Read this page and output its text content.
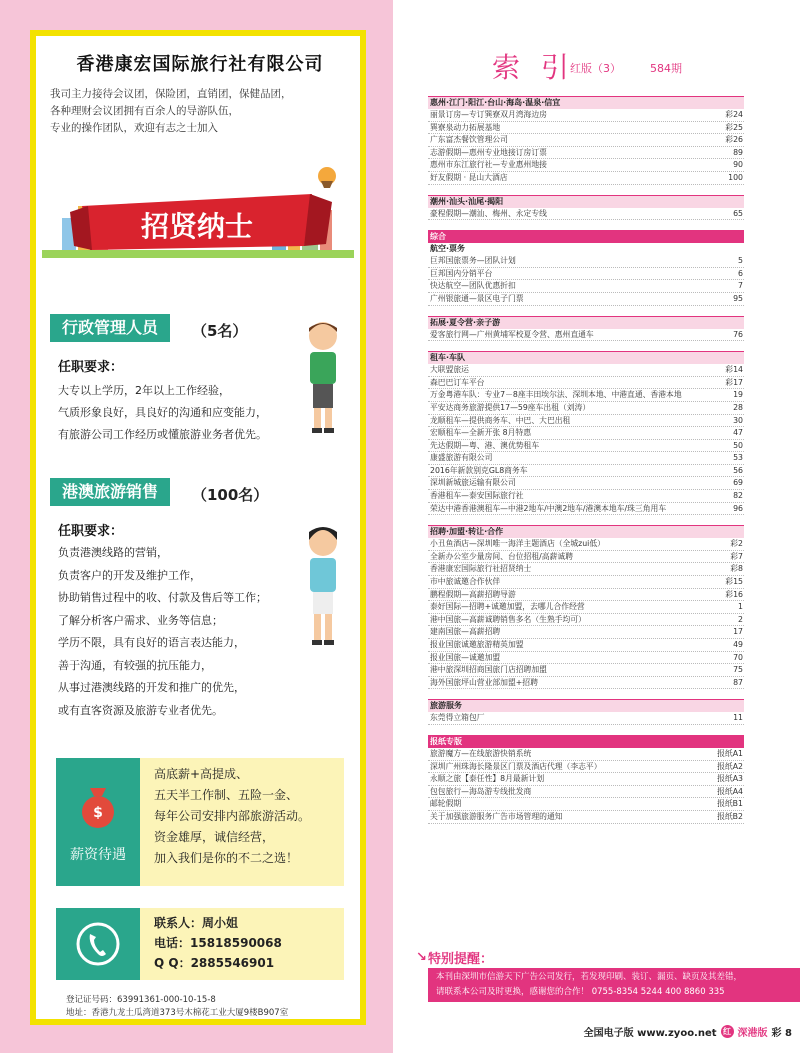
香港康宏国际旅行社有限公司
我司主力接待会议团，保险团，直销团，保健品团，
各种理财会议团拥有百余人的导游队伍，
专业的操作团队，欢迎有志之士加入
招贤纳士
行政管理人员	（5名）
任职要求：
大专以上学历，2年以上工作经验，
气质形象良好，具良好的沟通和应变能力，
有旅游公司工作经历或懂旅游业务者优先。
港澳旅游销售	（100名）
任职要求：
负责港澳线路的营销，
负责客户的开发及维护工作，
协助销售过程中的收、付款及售后等工作；
了解分析客户需求、业务等信息；
学历不限，具有良好的语言表达能力，
善于沟通，有较强的抗压能力，
从事过港澳线路的开发和推广的优先，
或有直客资源及旅游专业者优先。
$
薪资待遇
高底薪+高提成、
五天半工作制、五险一金、
每年公司安排内部旅游活动。
资金雄厚，诚信经营，
加入我们是你的不二之选！
联系人：周小姐
电话：15818590068
Q Q：2885546901
登记证号码：63991361-000-10-15-8
地址：香港九龙土瓜湾道373号木棉花工业大厦9楼B907室
索 引
红版（3）	584期
惠州·江门·阳江·台山·海岛·温泉·信宜
丽景订房—专订巽寮双月湾海边房	彩24
巽寮泉动力拓展基地	彩25
广东富杰餐饮管理公司	彩26
志游假期—惠州专业地接订房订票	89
惠州市东江旅行社—专业惠州地接	90
好友假期 · 昆山大酒店	100
潮州·汕头·汕尾·揭阳
豪程假期—潮汕、梅州、永定专线	65
综合
航空·票务
巨邦国旅票务—团队计划	5
巨邦国内分销平台	6
快达航空—团队优惠折扣	7
广州银旅通—景区电子门票	95
拓展·夏令营·亲子游
爱客旅行网—广州黄埔军校夏令营、惠州直通车	76
租车·车队
大联盟旅运	彩14
森巴巴订车平台	彩17
万金粤港车队：专业7－8座丰田埃尔法、深圳本地、中港直通、香港本地	19
平安达商务旅游提供17—59座车出租（刘涛）	28
龙顺租车—提供商务车、中巴、大巴出租	30
宏顺租车—全新开张 8月特惠	47
先达假期—粤、港、澳优势租车	50
康盛旅游有限公司	53
2016年新款别克GL8商务车	56
深圳新城旅运输有限公司	69
香港租车—泰安国际旅行社	82
荣达中港香港澳租车—中港2地车/中澳2地车/港澳本地车/珠三角用车	96
招聘·加盟·转让·合作
小丑鱼酒店—深圳唯一海洋主题酒店（全城zui低）	彩2
全新办公室少量房间、台位招租/高薪诚聘	彩7
香港康宏国际旅行社招贤纳士	彩8
市中旅诚邀合作伙伴	彩15
鹏程假期—高薪招聘导游	彩16
泰好国际—招聘+诚邀加盟，去哪儿合作经营	1
港中国旅—高薪诚聘销售多名（生熟手均可）	2
建南国旅—高薪招聘	17
报业国旅诚邀旅游精英加盟	49
报业国旅—诚邀加盟	70
港中旅深圳招商国旅门店招聘加盟	75
海外国旅坪山营业部加盟+招聘	87
旅游服务
东莞得立箱包厂	11
报纸专版
旅游魔方—在线旅游快销系统	报纸A1
深圳广州珠海长隆景区门票及酒店代理（李志平）	报纸A2
永顺之旅【泰任性】8月最新计划	报纸A3
包包旅行—海岛游专线批发商	报纸A4
邮轮假期	报纸B1
关于加强旅游服务广告市场管理的通知	报纸B2
↘ 特别提醒：
本刊由深圳市信游天下广告公司发行，若发现印刷、装订、漏页、缺页及其差错，
请联系本公司及时更换，感谢您的合作！ 0755-8354 5244 400 8860 335
全国电子版 www.zyoo.net 红 深港版 彩 8
